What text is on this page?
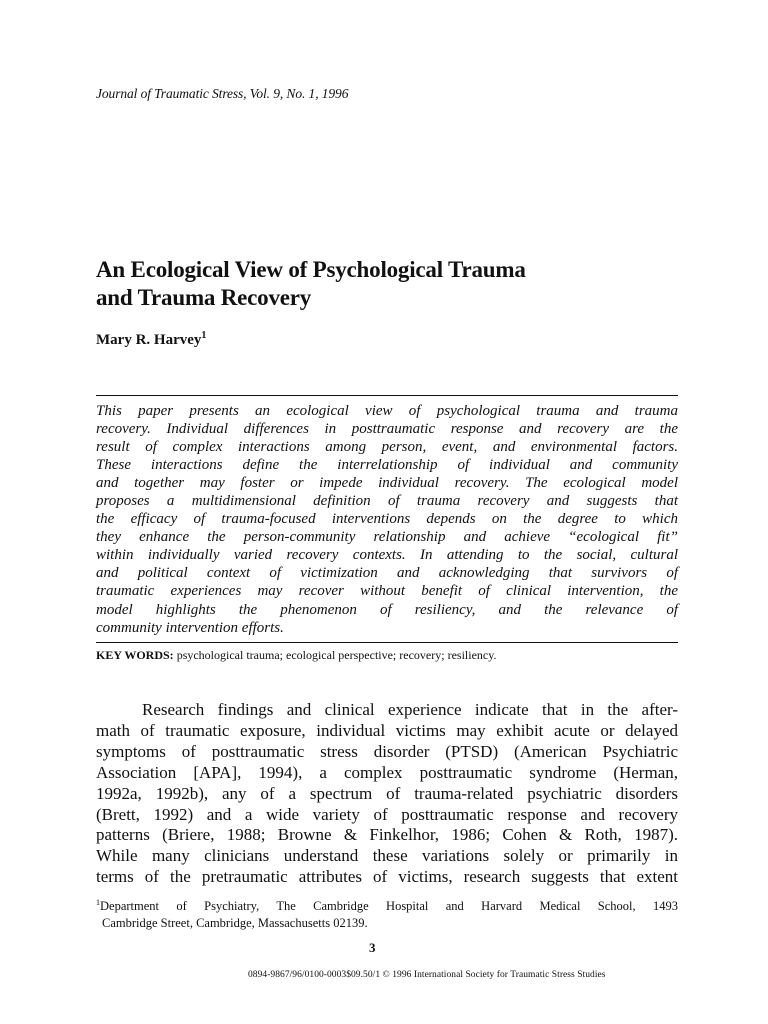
Journal of Traumatic Stress, Vol. 9, No. 1, 1996
An Ecological View of Psychological Trauma
and Trauma Recovery
Mary R. Harvey$^1$
This paper presents an ecological view of psychological trauma and trauma
recovery. Individual differences in posttraumatic response and recovery are the
result of complex interactions among person, event, and environmental factors.
These interactions define the interrelationship of individual and community
and together may foster or impede individual recovery. The ecological model
proposes a multidimensional definition of trauma recovery and suggests that
the efficacy of trauma-focused interventions depends on the degree to which
they enhance the person-community relationship and achieve “ecological fit”
within individually varied recovery contexts. In attending to the social, cultural
and political context of victimization and acknowledging that survivors of
traumatic experiences may recover without benefit of clinical intervention, the
model highlights the phenomenon of resiliency, and the relevance of
community intervention efforts.
KEY WORDS: psychological trauma; ecological perspective; recovery; resiliency.
Research findings and clinical experience indicate that in the after-
math of traumatic exposure, individual victims may exhibit acute or delayed
symptoms of posttraumatic stress disorder (PTSD) (American Psychiatric
Association [APA], 1994), a complex posttraumatic syndrome (Herman,
1992a, 1992b), any of a spectrum of trauma-related psychiatric disorders
(Brett, 1992) and a wide variety of posttraumatic response and recovery
patterns (Briere, 1988; Browne & Finkelhor, 1986; Cohen & Roth, 1987).
While many clinicians understand these variations solely or primarily in
terms of the pretraumatic attributes of victims, research suggests that extent
$^1$Department of Psychiatry, The Cambridge Hospital and Harvard Medical School, 1493
Cambridge Street, Cambridge, Massachusetts 02139.
3
0894-9867/96/0100-0003$09.50/1 © 1996 International Society for Traumatic Stress Studies
